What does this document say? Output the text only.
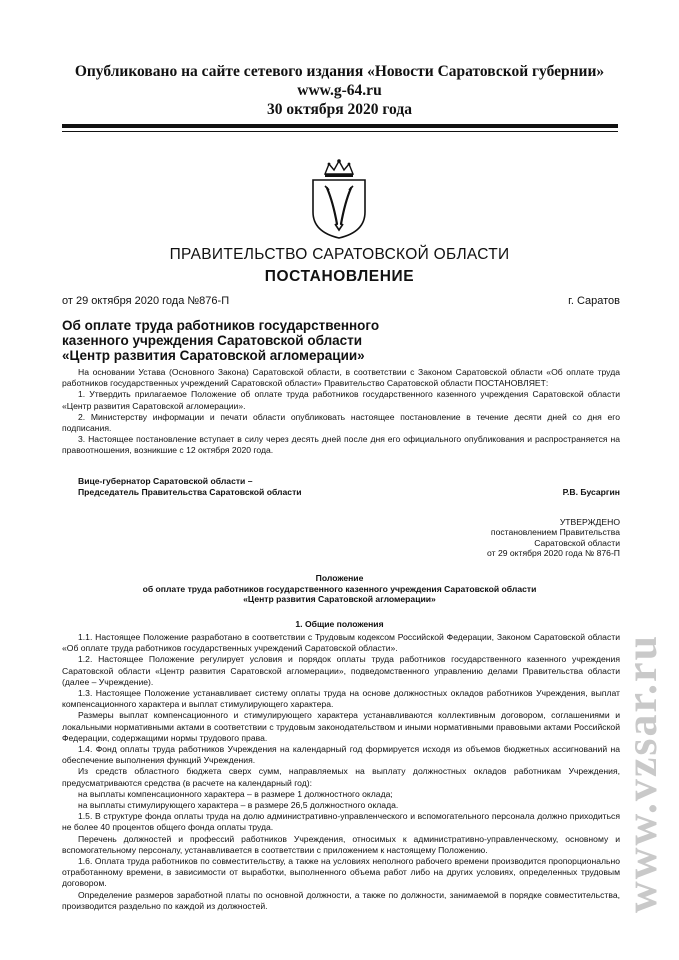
Опубликовано на сайте сетевого издания «Новости Саратовской губернии»
www.g-64.ru
30 октября 2020 года
ПРАВИТЕЛЬСТВО САРАТОВСКОЙ ОБЛАСТИ
ПОСТАНОВЛЕНИЕ
от 29 октября 2020 года №876-П	г. Саратов
Об оплате труда работников государственного
казенного учреждения Саратовской области
«Центр развития Саратовской агломерации»
На основании Устава (Основного Закона) Саратовской области, в соответствии с Законом Саратовской области «Об оплате труда работников государственных учреждений Саратовской области» Правительство Саратовской области ПОСТАНОВЛЯЕТ:
1. Утвердить прилагаемое Положение об оплате труда работников государственного казенного учреждения Саратовской области «Центр развития Саратовской агломерации».
2. Министерству информации и печати области опубликовать настоящее постановление в течение десяти дней со дня его подписания.
3. Настоящее постановление вступает в силу через десять дней после дня его официального опубликования и распространяется на правоотношения, возникшие с 12 октября 2020 года.
Вице-губернатор Саратовской области –
Председатель Правительства Саратовской области	Р.В. Бусаргин
УТВЕРЖДЕНО
постановлением Правительства
Саратовской области
от 29 октября 2020 года № 876-П
Положение
об оплате труда работников государственного казенного учреждения Саратовской области
«Центр развития Саратовской агломерации»
1. Общие положения
1.1. Настоящее Положение разработано в соответствии с Трудовым кодексом Российской Федерации, Законом Саратовской области «Об оплате труда работников государственных учреждений Саратовской области».
1.2. Настоящее Положение регулирует условия и порядок оплаты труда работников государственного казенного учреждения Саратовской области «Центр развития Саратовской агломерации», подведомственного управлению делами Правительства области (далее – Учреждение).
1.3. Настоящее Положение устанавливает систему оплаты труда на основе должностных окладов работников Учреждения, выплат компенсационного характера и выплат стимулирующего характера.
Размеры выплат компенсационного и стимулирующего характера устанавливаются коллективным договором, соглашениями и локальными нормативными актами в соответствии с трудовым законодательством и иными нормативными правовыми актами Российской Федерации, содержащими нормы трудового права.
1.4. Фонд оплаты труда работников Учреждения на календарный год формируется исходя из объемов бюджетных ассигнований на обеспечение выполнения функций Учреждения.
Из средств областного бюджета сверх сумм, направляемых на выплату должностных окладов работникам Учреждения, предусматриваются средства (в расчете на календарный год):
на выплаты компенсационного характера – в размере 1 должностного оклада;
на выплаты стимулирующего характера – в размере 26,5 должностного оклада.
1.5. В структуре фонда оплаты труда на долю административно-управленческого и вспомогательного персонала должно приходиться не более 40 процентов общего фонда оплаты труда.
Перечень должностей и профессий работников Учреждения, относимых к административно-управленческому, основному и вспомогательному персоналу, устанавливается в соответствии с приложением к настоящему Положению.
1.6. Оплата труда работников по совместительству, а также на условиях неполного рабочего времени производится пропорционально отработанному времени, в зависимости от выработки, выполненного объема работ либо на других условиях, определенных трудовым договором.
Определение размеров заработной платы по основной должности, а также по должности, занимаемой в порядке совместительства, производится раздельно по каждой из должностей.	www.vzsar.ru
